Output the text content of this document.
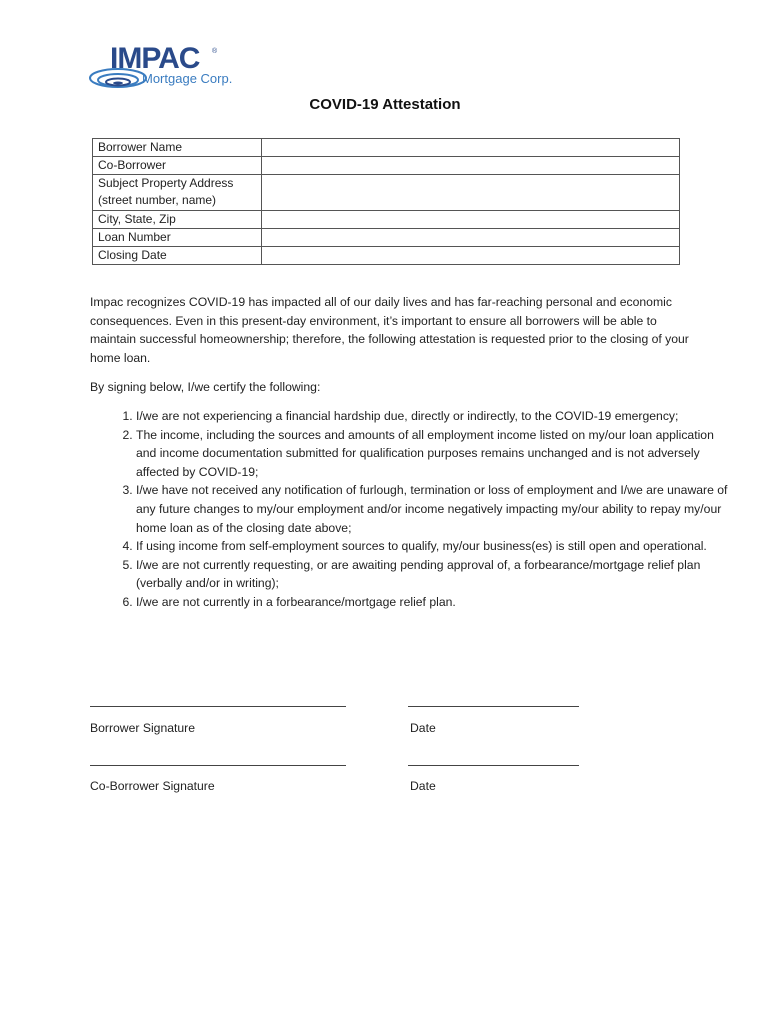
IMPAC ®
Mortgage Corp.
COVID-19 Attestation
Borrower Name	
Co-Borrower	

Subject Property Address
(street number, name)	

City, State, Zip	
Loan Number	
Closing Date	
Impac recognizes COVID-19 has impacted all of our daily lives and has far-reaching personal and economic consequences. Even in this present-day environment, it’s important to ensure all borrowers will be able to maintain successful homeownership; therefore, the following attestation is requested prior to the closing of your home loan.
By signing below, I/we certify the following:
1. I/we are not experiencing a financial hardship due, directly or indirectly, to the COVID-19 emergency;
2. The income, including the sources and amounts of all employment income listed on my/our loan application and income documentation submitted for qualification purposes remains unchanged and is not adversely affected by COVID-19;
3. I/we have not received any notification of furlough, termination or loss of employment and I/we are unaware of any future changes to my/our employment and/or income negatively impacting my/our ability to repay my/our home loan as of the closing date above;
4. If using income from self-employment sources to qualify, my/our business(es) is still open and operational.
5. I/we are not currently requesting, or are awaiting pending approval of, a forbearance/mortgage relief plan (verbally and/or in writing);
6. I/we are not currently in a forbearance/mortgage relief plan.
Borrower Signature	Date
Co-Borrower Signature	Date
